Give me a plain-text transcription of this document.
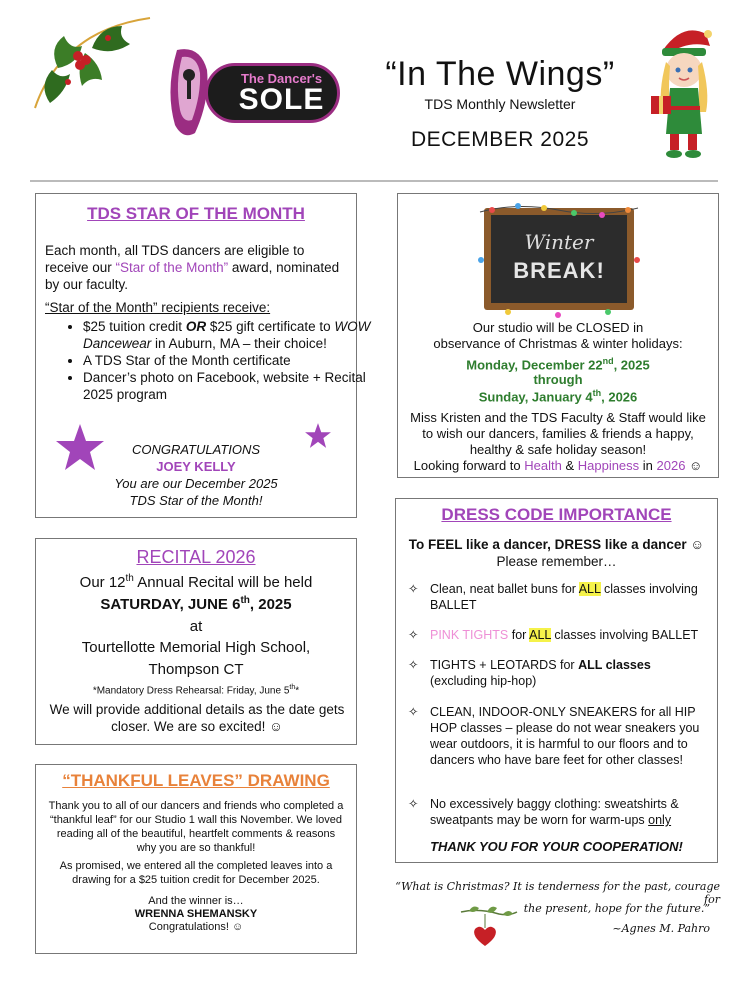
The Dancer's
SOLE
“In The Wings”
TDS Monthly Newsletter
DECEMBER 2025
TDS STAR OF THE MONTH
Each month, all TDS dancers are eligible to receive our “Star of the Month” award, nominated by our faculty.
“Star of the Month” recipients receive:
• $25 tuition credit OR $25 gift certificate to WOW Dancewear in Auburn, MA – their choice!
• A TDS Star of the Month certificate
• Dancer’s photo on Facebook, website + Recital 2025 program
CONGRATULATIONS
JOEY KELLY
You are our December 2025
TDS Star of the Month!
Winter
BREAK!
Our studio will be CLOSED in
observance of Christmas & winter holidays:
Monday, December 22nd, 2025
through
Sunday, January 4th, 2026
Miss Kristen and the TDS Faculty & Staff would like to wish our dancers, families & friends a happy, healthy & safe holiday season!
Looking forward to Health & Happiness in 2026 ☺
RECITAL 2026
Our 12th Annual Recital will be held
SATURDAY, JUNE 6th, 2025
at
Tourtellotte Memorial High School,
Thompson CT
*Mandatory Dress Rehearsal: Friday, June 5th*
We will provide additional details as the date gets closer. We are so excited! ☺
“THANKFUL LEAVES” DRAWING
Thank you to all of our dancers and friends who completed a “thankful leaf” for our Studio 1 wall this November. We loved reading all of the beautiful, heartfelt comments & reasons why you are so thankful!
As promised, we entered all the completed leaves into a drawing for a $25 tuition credit for December 2025.
And the winner is…
WRENNA SHEMANSKY
Congratulations! ☺
DRESS CODE IMPORTANCE
To FEEL like a dancer, DRESS like a dancer ☺
Please remember…
✧ Clean, neat ballet buns for ALL classes involving BALLET
✧ PINK TIGHTS for ALL classes involving BALLET
✧ TIGHTS + LEOTARDS for ALL classes (excluding hip-hop)
✧ CLEAN, INDOOR-ONLY SNEAKERS for all HIP HOP classes – please do not wear sneakers you wear outdoors, it is harmful to our floors and to dancers who have bare feet for other classes!
✧ No excessively baggy clothing: sweatshirts & sweatpants may be worn for warm-ups only
THANK YOU FOR YOUR COOPERATION!
“What is Christmas? It is tenderness for the past, courage for
the present, hope for the future.”
~Agnes M. Pahro
